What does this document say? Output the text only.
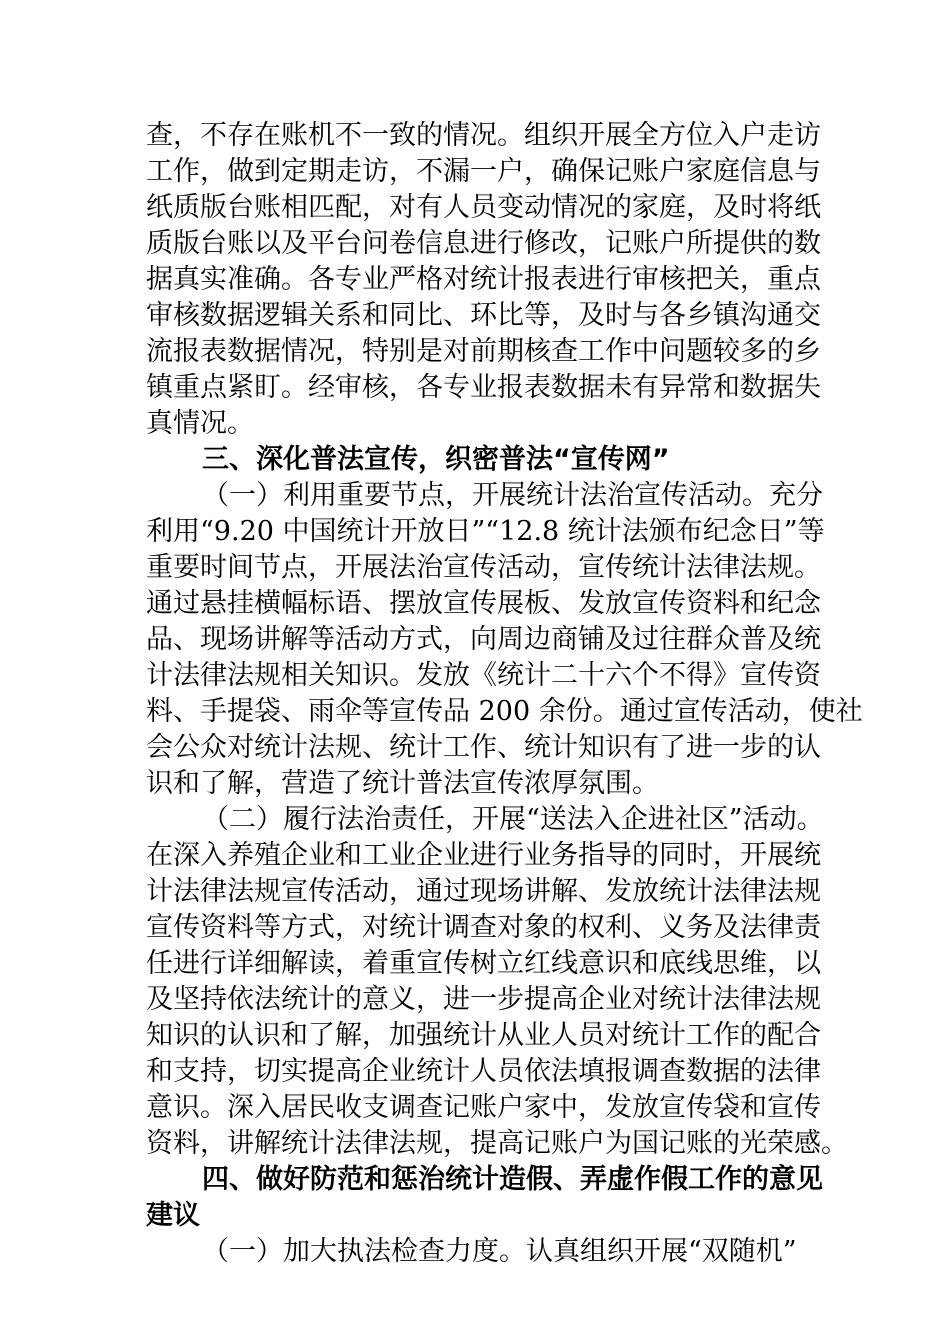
查，不存在账机不一致的情况。组织开展全方位入户走访
工作，做到定期走访，不漏一户，确保记账户家庭信息与
纸质版台账相匹配，对有人员变动情况的家庭，及时将纸
质版台账以及平台问卷信息进行修改，记账户所提供的数
据真实准确。各专业严格对统计报表进行审核把关，重点
审核数据逻辑关系和同比、环比等，及时与各乡镇沟通交
流报表数据情况，特别是对前期核查工作中问题较多的乡
镇重点紧盯。经审核，各专业报表数据未有异常和数据失
真情况。
三、深化普法宣传，织密普法“宣传网”
（一）利用重要节点，开展统计法治宣传活动。充分
利用“9.20 中国统计开放日”“12.8 统计法颁布纪念日”等
重要时间节点，开展法治宣传活动，宣传统计法律法规。
通过悬挂横幅标语、摆放宣传展板、发放宣传资料和纪念
品、现场讲解等活动方式，向周边商铺及过往群众普及统
计法律法规相关知识。发放《统计二十六个不得》宣传资
料、手提袋、雨伞等宣传品 200 余份。通过宣传活动，使社
会公众对统计法规、统计工作、统计知识有了进一步的认
识和了解，营造了统计普法宣传浓厚氛围。
（二）履行法治责任，开展“送法入企进社区”活动。
在深入养殖企业和工业企业进行业务指导的同时，开展统
计法律法规宣传活动，通过现场讲解、发放统计法律法规
宣传资料等方式，对统计调查对象的权利、义务及法律责
任进行详细解读，着重宣传树立红线意识和底线思维，以
及坚持依法统计的意义，进一步提高企业对统计法律法规
知识的认识和了解，加强统计从业人员对统计工作的配合
和支持，切实提高企业统计人员依法填报调查数据的法律
意识。深入居民收支调查记账户家中，发放宣传袋和宣传
资料，讲解统计法律法规，提高记账户为国记账的光荣感。
四、做好防范和惩治统计造假、弄虚作假工作的意见
建议
（一）加大执法检查力度。认真组织开展“双随机”
